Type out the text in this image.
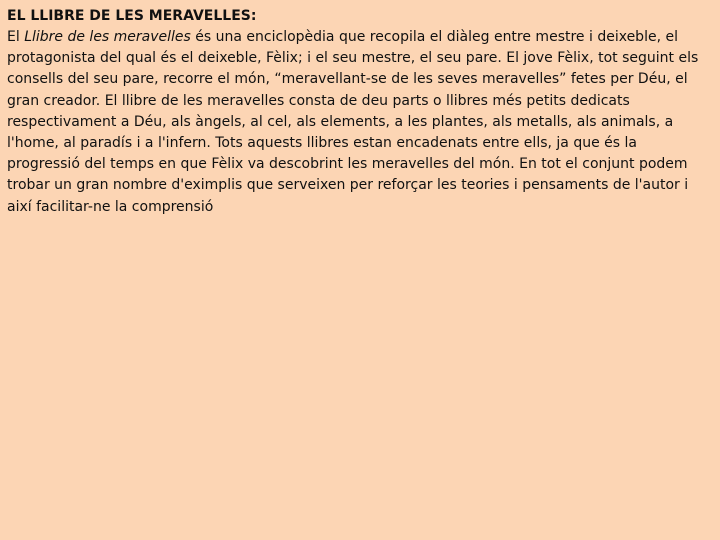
EL LLIBRE DE LES MERAVELLES:

El Llibre de les meravelles és una enciclopèdia que recopila el diàleg entre mestre i deixeble, el protagonista del qual és el deixeble, Fèlix; i el seu mestre, el seu pare. El jove Fèlix, tot seguint els consells del seu pare, recorre el món, “meravellant-se de les seves meravelles” fetes per Déu, el gran creador. El llibre de les meravelles consta de deu parts o llibres més petits dedicats respectivament a Déu, als àngels, al cel, als elements, a les plantes, als metalls, als animals, a l'home, al paradís i a l'infern. Tots aquests llibres estan encadenats entre ells, ja que és la progressió del temps en que Fèlix va descobrint les meravelles del món. En tot el conjunt podem trobar un gran nombre d'eximplis que serveixen per reforçar les teories i pensaments de l'autor i així facilitar-ne la comprensió
